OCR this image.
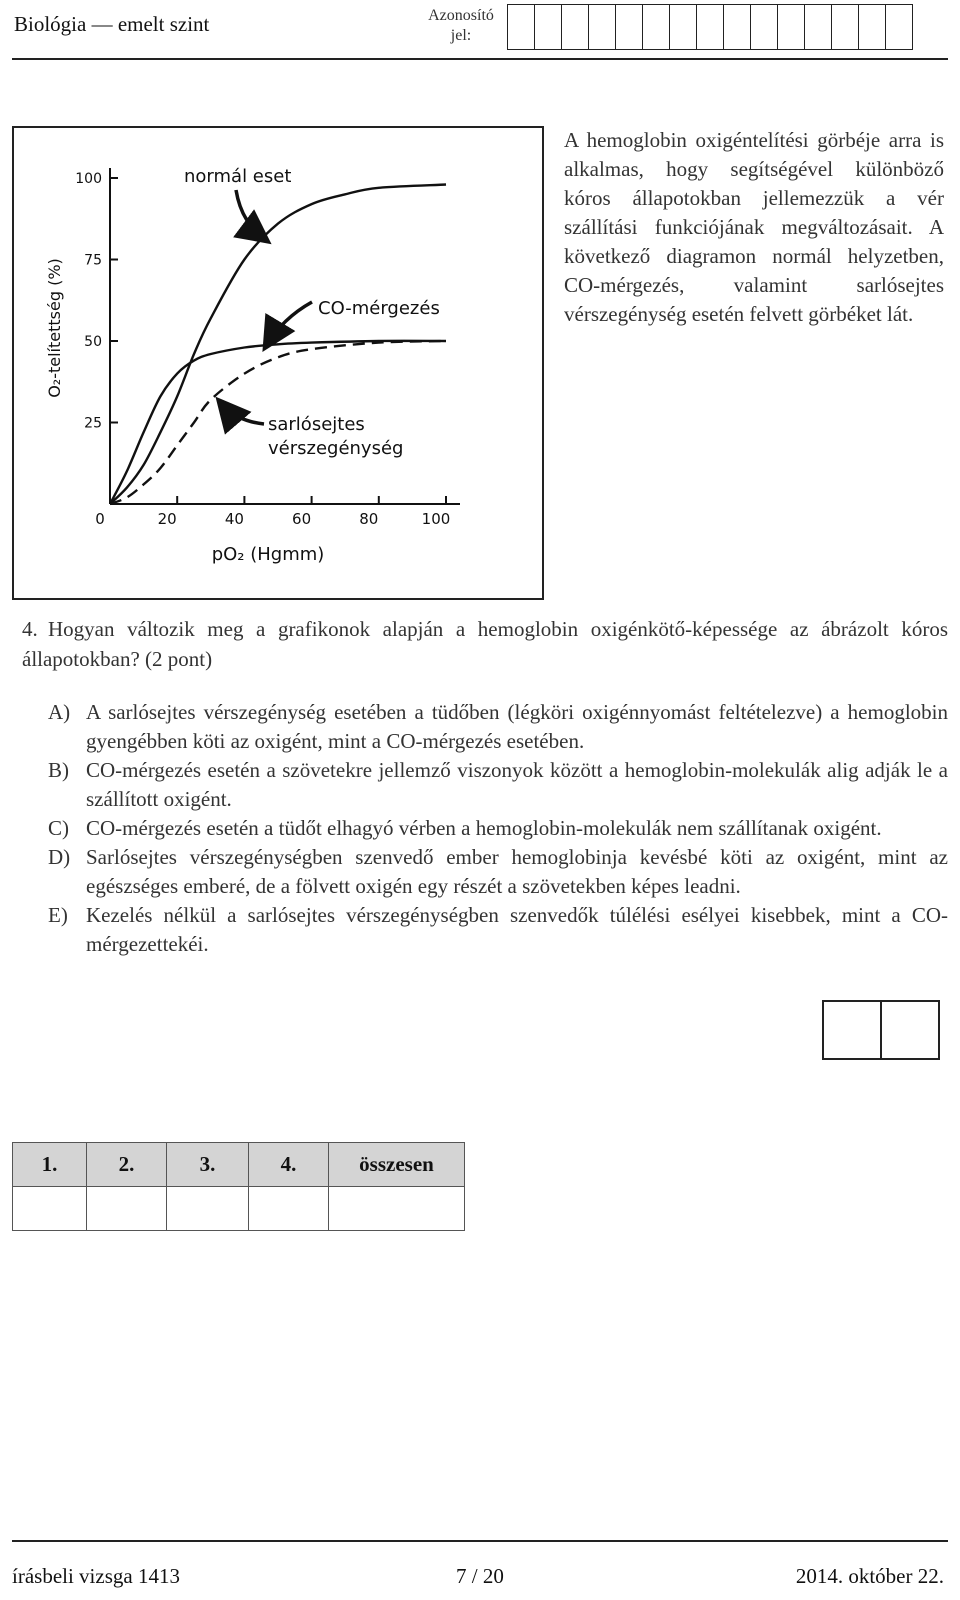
Biológia — emelt szint	Azonosító jel:
0	20	40	60	80	100
25
50
75
100
O₂-telítettség (%)
pO₂ (Hgmm)
normál eset
CO-mérgezés
sarlósejtes
vérszegénység
A hemoglobin oxigéntelítési görbéje arra is alkalmas, hogy segítségével különböző kóros állapotokban jellemezzük a vér szállítási funkciójának megváltozásait. A következő diagramon normál helyzetben, CO-mérgezés, valamint sarlósejtes vérszegénység esetén felvett görbéket lát.
4. Hogyan változik meg a grafikonok alapján a hemoglobin oxigénkötő-képessége az ábrázolt kóros állapotokban? (2 pont)
A) A sarlósejtes vérszegénység esetében a tüdőben (légköri oxigénnyomást feltételezve) a hemoglobin gyengébben köti az oxigént, mint a CO-mérgezés esetében.
B) CO-mérgezés esetén a szövetekre jellemző viszonyok között a hemoglobin-molekulák alig adják le a szállított oxigént.
C) CO-mérgezés esetén a tüdőt elhagyó vérben a hemoglobin-molekulák nem szállítanak oxigént.
D) Sarlósejtes vérszegénységben szenvedő ember hemoglobinja kevésbé köti az oxigént, mint az egészséges emberé, de a fölvett oxigén egy részét a szövetekben képes leadni.
E) Kezelés nélkül a sarlósejtes vérszegénységben szenvedők túlélési esélyei kisebbek, mint a CO-mérgezettekéi.
1.	2.	3.	4.	összesen

írásbeli vizsga 1413	7 / 20	2014. október 22.
